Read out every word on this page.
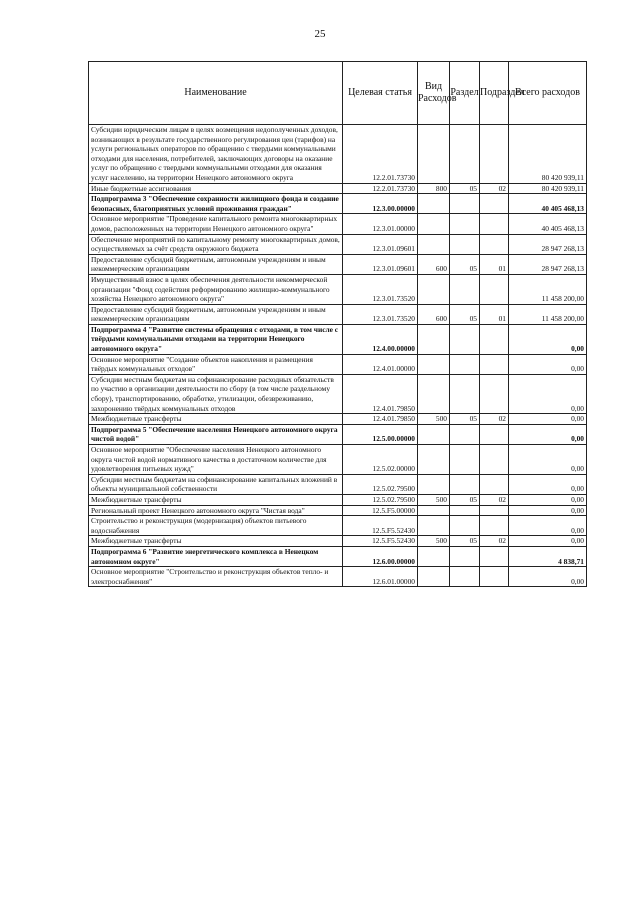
25
Наименование	Целевая статья	Вид Расходов	Раздел	Подраздел	Всего расходов
Субсидии юридическим лицам в целях возмещения недополученных доходов, возникающих в результате государственного регулирования цен (тарифов) на услуги региональных операторов по обращению с твердыми коммунальными отходами для населения, потребителей, заключающих договоры на оказание услуг по обращению с твердыми коммунальными отходами для оказания услуг населению, на территории Ненецкого автономного округа	12.2.01.73730				80 420 939,11
Иные бюджетные ассигнования	12.2.01.73730	800	05	02	80 420 939,11
Подпрограмма 3 "Обеспечение сохранности жилищного фонда и создание безопасных, благоприятных условий проживания граждан"	12.3.00.00000				40 405 468,13
Основное мероприятие "Проведение капитального ремонта многоквартирных домов, расположенных на территории Ненецкого автономного округа"	12.3.01.00000				40 405 468,13
Обеспечение мероприятий по капитальному ремонту многоквартирных домов, осуществляемых за счёт средств окружного бюджета	12.3.01.09601				28 947 268,13
Предоставление субсидий бюджетным, автономным учреждениям и иным некоммерческим организациям	12.3.01.09601	600	05	01	28 947 268,13
Имущественный взнос в целях обеспечения деятельности некоммерческой организации "Фонд содействия реформированию жилищно-коммунального хозяйства Ненецкого автономного округа"	12.3.01.73520				11 458 200,00
Предоставление субсидий бюджетным, автономным учреждениям и иным некоммерческим организациям	12.3.01.73520	600	05	01	11 458 200,00
Подпрограмма 4 "Развитие системы обращения с отходами, в том числе с твёрдыми коммунальными отходами на территории Ненецкого автономного округа"	12.4.00.00000				0,00
Основное мероприятие "Создание объектов накопления и размещения твёрдых коммунальных отходов"	12.4.01.00000				0,00
Субсидии местным бюджетам на софинансирование расходных обязательств по участию в организации деятельности по сбору (в том числе раздельному сбору), транспортированию, обработке, утилизации, обезвреживанию, захоронению твёрдых коммунальных отходов	12.4.01.79850				0,00
Межбюджетные трансферты	12.4.01.79850	500	05	02	0,00
Подпрограмма 5 "Обеспечение населения Ненецкого автономного округа чистой водой"	12.5.00.00000				0,00
Основное мероприятие "Обеспечение населения Ненецкого автономного округа чистой водой нормативного качества в достаточном количестве для удовлетворения питьевых нужд"	12.5.02.00000				0,00
Субсидии местным бюджетам на софинансирование капитальных вложений в объекты муниципальной собственности	12.5.02.79500				0,00
Межбюджетные трансферты	12.5.02.79500	500	05	02	0,00
Региональный проект Ненецкого автономного округа "Чистая вода"	12.5.F5.00000				0,00
Строительство и реконструкция (модернизация) объектов питьевого водоснабжения	12.5.F5.52430				0,00
Межбюджетные трансферты	12.5.F5.52430	500	05	02	0,00
Подпрограмма 6 "Развитие энергетического комплекса в Ненецком автономном округе"	12.6.00.00000				4 838,71
Основное мероприятие "Строительство и реконструкция объектов тепло- и электроснабжения"	12.6.01.00000				0,00
